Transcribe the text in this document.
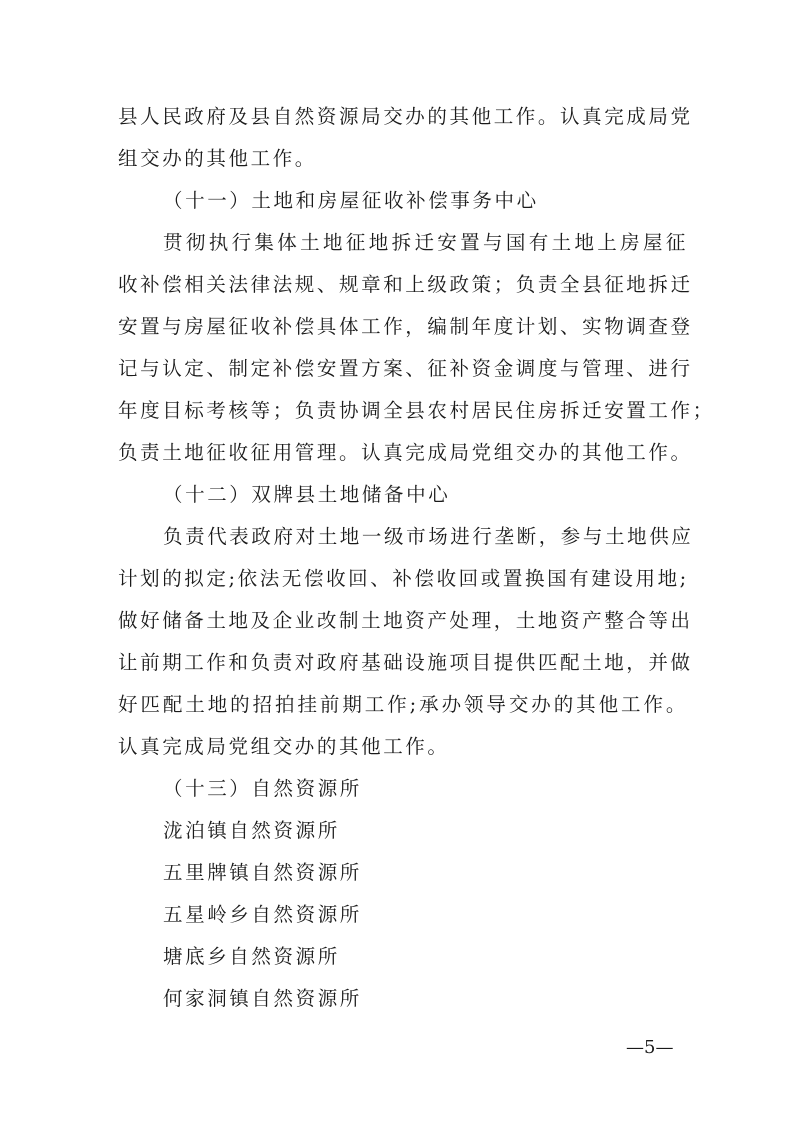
县人民政府及县自然资源局交办的其他工作。认真完成局党
组交办的其他工作。
（十一）土地和房屋征收补偿事务中心
贯彻执行集体土地征地拆迁安置与国有土地上房屋征
收补偿相关法律法规、规章和上级政策；负责全县征地拆迁
安置与房屋征收补偿具体工作，编制年度计划、实物调查登
记与认定、制定补偿安置方案、征补资金调度与管理、进行
年度目标考核等；负责协调全县农村居民住房拆迁安置工作；
负责土地征收征用管理。认真完成局党组交办的其他工作。
（十二）双牌县土地储备中心
负责代表政府对土地一级市场进行垄断，参与土地供应
计划的拟定;依法无偿收回、补偿收回或置换国有建设用地;
做好储备土地及企业改制土地资产处理，土地资产整合等出
让前期工作和负责对政府基础设施项目提供匹配土地，并做
好匹配土地的招拍挂前期工作;承办领导交办的其他工作。
认真完成局党组交办的其他工作。
（十三）自然资源所
泷泊镇自然资源所
五里牌镇自然资源所
五星岭乡自然资源所
塘底乡自然资源所
何家洞镇自然资源所
—5—
